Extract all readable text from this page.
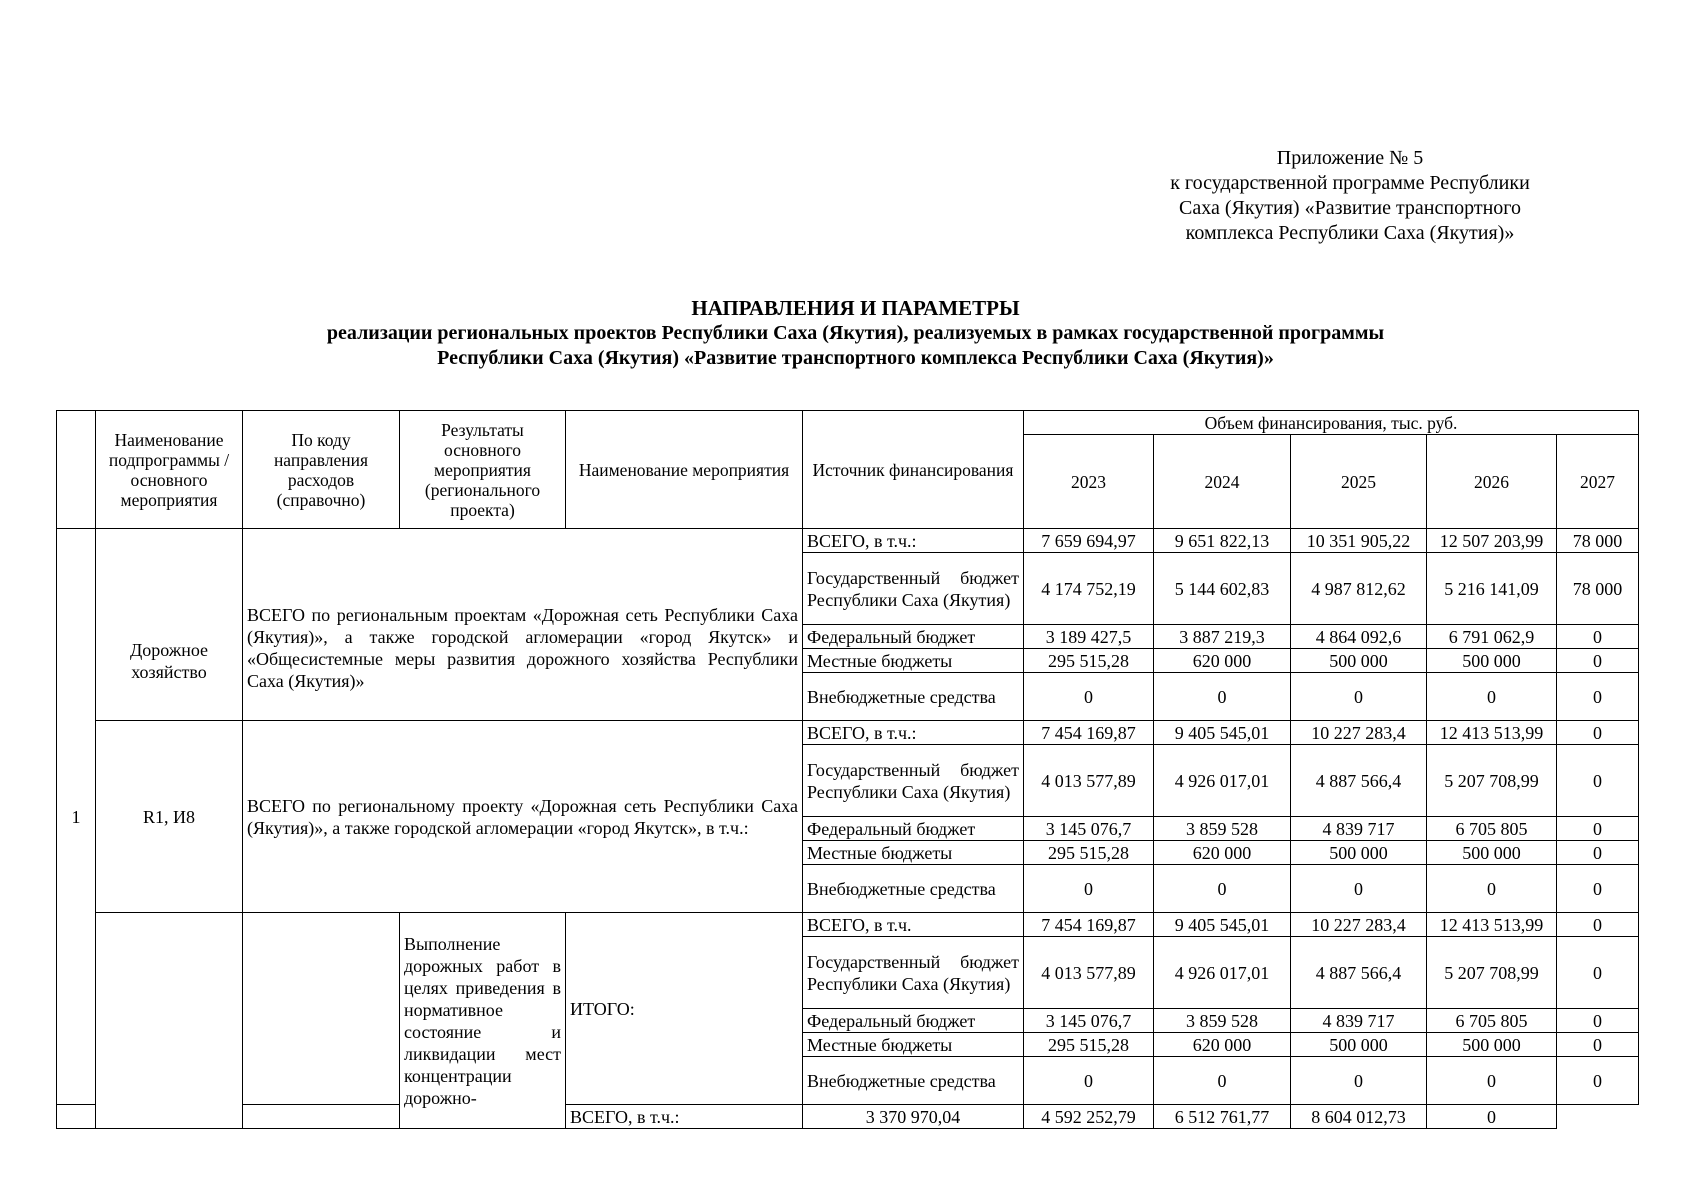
Приложение № 5
к государственной программе Республики
Саха (Якутия) «Развитие транспортного
комплекса Республики Саха (Якутия)»
НАПРАВЛЕНИЯ И ПАРАМЕТРЫ
реализации региональных проектов Республики Саха (Якутия), реализуемых в рамках государственной программы
Республики Саха (Якутия) «Развитие транспортного комплекса Республики Саха (Якутия)»
	Наименование подпрограммы /основного мероприятия	По коду направления расходов (справочно)	Результаты основного мероприятия (регионального проекта)	Наименование мероприятия	Источник финансирования	Объем финансирования, тыс. руб.				
						2023	2024	2025	2026	2027
1	Дорожное хозяйство	ВСЕГО по региональным проектам «Дорожная сеть Республики Саха (Якутия)», а также городской агломерации «город Якутск» и «Общесистемные меры развития дорожного хозяйства Республики Саха (Якутия)»			ВСЕГО, в т.ч.:	7 659 694,97	9 651 822,13	10 351 905,22	12 507 203,99	78 000
					Государственный бюджет Республики Саха (Якутия)	4 174 752,19	5 144 602,83	4 987 812,62	5 216 141,09	78 000
					Федеральный бюджет	3 189 427,5	3 887 219,3	4 864 092,6	6 791 062,9	0
					Местные бюджеты	295 515,28	620 000	500 000	500 000	0
					Внебюджетные средства	0	0	0	0	0

	R1, И8	ВСЕГО по региональному проекту «Дорожная сеть Республики Саха (Якутия)», а также городской агломерации «город Якутск», в т.ч.:			ВСЕГО, в т.ч.:	7 454 169,87	9 405 545,01	10 227 283,4	12 413 513,99	0
					Государственный бюджет Республики Саха (Якутия)	4 013 577,89	4 926 017,01	4 887 566,4	5 207 708,99	0
					Федеральный бюджет	3 145 076,7	3 859 528	4 839 717	6 705 805	0
					Местные бюджеты	295 515,28	620 000	500 000	500 000	0
					Внебюджетные средства	0	0	0	0	0
			Выполнение дорожных работ в целях приведения в нормативное состояние и ликвидации мест концентрации дорожно-	ИТОГО:	ВСЕГО, в т.ч.	7 454 169,87	9 405 545,01	10 227 283,4	12 413 513,99	0
					Государственный бюджет Республики Саха (Якутия)	4 013 577,89	4 926 017,01	4 887 566,4	5 207 708,99	0
					Федеральный бюджет	3 145 076,7	3 859 528	4 839 717	6 705 805	0
					Местные бюджеты	295 515,28	620 000	500 000	500 000	0
					Внебюджетные средства	0	0	0	0	0
				ВСЕГО, в т.ч.:	3 370 970,04	4 592 252,79	6 512 761,77	8 604 012,73	0	
